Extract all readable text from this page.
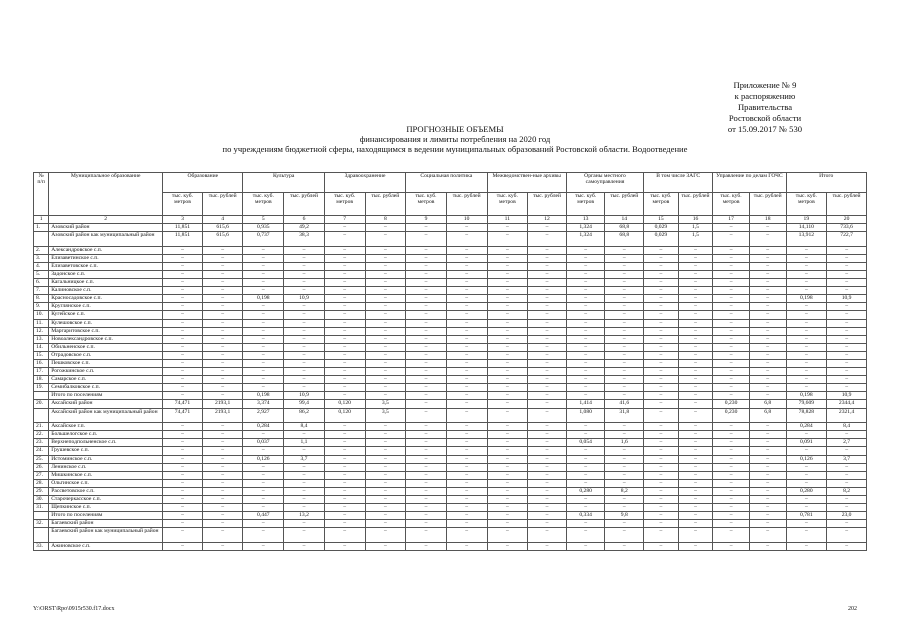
Приложение № 9
к распоряжению
Правительства
Ростовской области
от 15.09.2017 № 530
ПРОГНОЗНЫЕ ОБЪЕМЫ
финансирования и лимиты потребления на 2020 год
по учреждениям бюджетной сферы, находящимся в ведении муниципальных образований Ростовской области. Водоотведение
№ п/п	Муниципальное образование	Образование		Культура		Здравоохранение		Социальная политика		Межведомствен-ные архивы		Органы местного самоуправления		В том числе ЗАГС		Управление по делам ГОЧС		Итого	
		тыс. куб. метров	тыс. рублей	тыс. куб. метров	тыс. рублей	тыс. куб. метров	тыс. рублей	тыс. куб. метров	тыс. рублей	тыс. куб. метров	тыс. рублей	тыс. куб. метров	тыс. рублей	тыс. куб. метров	тыс. рублей	тыс. куб. метров	тыс. рублей	тыс. куб. метров	тыс. рублей
1	2	3	4	5	6	7	8	9	10	11	12	13	14	15	16	17	18	19	20
1.	Азовский район	11,851	615,6	0,935	49,2	–	–	–	–	–	–	1,324	68,8	0,029	1,5	–	–	14,110	733,6
	Азовский район как муниципальный район	11,851	615,6	0,737	38,3	–	–	–	–	–	–	1,324	68,8	0,029	1,5	–	–	13,912	722,7
2.	Александровское с.п.	–	–	–	–	–	–	–	–	–	–	–	–	–	–	–	–	–	–
3.	Елизаветинское с.п.	–	–	–	–	–	–	–	–	–	–	–	–	–	–	–	–	–	–
4.	Елизаветовское с.п.	–	–	–	–	–	–	–	–	–	–	–	–	–	–	–	–	–	–
5.	Задонское с.п.	–	–	–	–	–	–	–	–	–	–	–	–	–	–	–	–	–	–
6.	Кагальницкое с.п.	–	–	–	–	–	–	–	–	–	–	–	–	–	–	–	–	–	–
7.	Калиновское с.п.	–	–	–	–	–	–	–	–	–	–	–	–	–	–	–	–	–	–
8.	Красносадовское с.п.	–	–	0,198	10,9	–	–	–	–	–	–	–	–	–	–	–	–	0,198	10,9
9.	Круглянское с.п.	–	–	–	–	–	–	–	–	–	–	–	–	–	–	–	–	–	–
10.	Кугейское с.п.	–	–	–	–	–	–	–	–	–	–	–	–	–	–	–	–	–	–
11.	Кулешовское с.п.	–	–	–	–	–	–	–	–	–	–	–	–	–	–	–	–	–	–
12.	Маргаритовское с.п.	–	–	–	–	–	–	–	–	–	–	–	–	–	–	–	–	–	–
13.	Новоалександровское с.п.	–	–	–	–	–	–	–	–	–	–	–	–	–	–	–	–	–	–
14.	Обильненское с.п.	–	–	–	–	–	–	–	–	–	–	–	–	–	–	–	–	–	–
15.	Отрадовское с.п.	–	–	–	–	–	–	–	–	–	–	–	–	–	–	–	–	–	–
16.	Пешковское с.п.	–	–	–	–	–	–	–	–	–	–	–	–	–	–	–	–	–	–
17.	Рогожкинское с.п.	–	–	–	–	–	–	–	–	–	–	–	–	–	–	–	–	–	–
18.	Самарское с.п.	–	–	–	–	–	–	–	–	–	–	–	–	–	–	–	–	–	–
19.	Семибалковское с.п.	–	–	–	–	–	–	–	–	–	–	–	–	–	–	–	–	–	–
	Итого по поселениям	–	–	0,198	10,9	–	–	–	–	–	–	–	–	–	–	–	–	0,198	10,9
20.	Аксайский район	74,471	2193,1	3,374	99,4	0,120	3,5	–	–	–	–	1,414	41,6	–	–	0,230	6,8	79,609	2344,4
	Аксайский район как муниципальный район	74,471	2193,1	2,927	86,2	0,120	3,5	–	–	–	–	1,080	31,8	–	–	0,230	6,8	78,828	2321,4
21.	Аксайское г.п.	–	–	0,284	8,4	–	–	–	–	–	–	–	–	–	–	–	–	0,284	8,4
22.	Большелогское с.п.	–	–	–	–	–	–	–	–	–	–	–	–	–	–	–	–	–	–
23.	Верхнеподпольненское с.п.	–	–	0,037	1,1	–	–	–	–	–	–	0,054	1,6	–	–	–	–	0,091	2,7
24.	Грушевское с.п.	–	–	–	–	–	–	–	–	–	–	–	–	–	–	–	–	–	–
25.	Истоминское с.п.	–	–	0,126	3,7	–	–	–	–	–	–	–	–	–	–	–	–	0,126	3,7
26.	Ленинское с.п.	–	–	–	–	–	–	–	–	–	–	–	–	–	–	–	–	–	–
27.	Мишкинское с.п.	–	–	–	–	–	–	–	–	–	–	–	–	–	–	–	–	–	–
28.	Ольгинское с.п.	–	–	–	–	–	–	–	–	–	–	–	–	–	–	–	–	–	–
29.	Рассветовское с.п.	–	–	–	–	–	–	–	–	–	–	0,280	8,2	–	–	–	–	0,280	8,2
30.	Старочеркасское с.п.	–	–	–	–	–	–	–	–	–	–	–	–	–	–	–	–	–	–
31.	Щепкинское с.п.	–	–	–	–	–	–	–	–	–	–	–	–	–	–	–	–	–	–
	Итого по поселениям	–	–	0,447	13,2	–	–	–	–	–	–	0,334	9,8	–	–	–	–	0,781	23,0
32.	Багаевский район	–	–	–	–	–	–	–	–	–	–	–	–	–	–	–	–	–	–
	Багаевский район как муниципальный район	–	–	–	–	–	–	–	–	–	–	–	–	–	–	–	–	–	–
33.	Ажиновское с.п.	–	–	–	–	–	–	–	–	–	–	–	–	–	–	–	–	–	–
Y:\ORST\Rpo\0915r530.f17.docx	202
